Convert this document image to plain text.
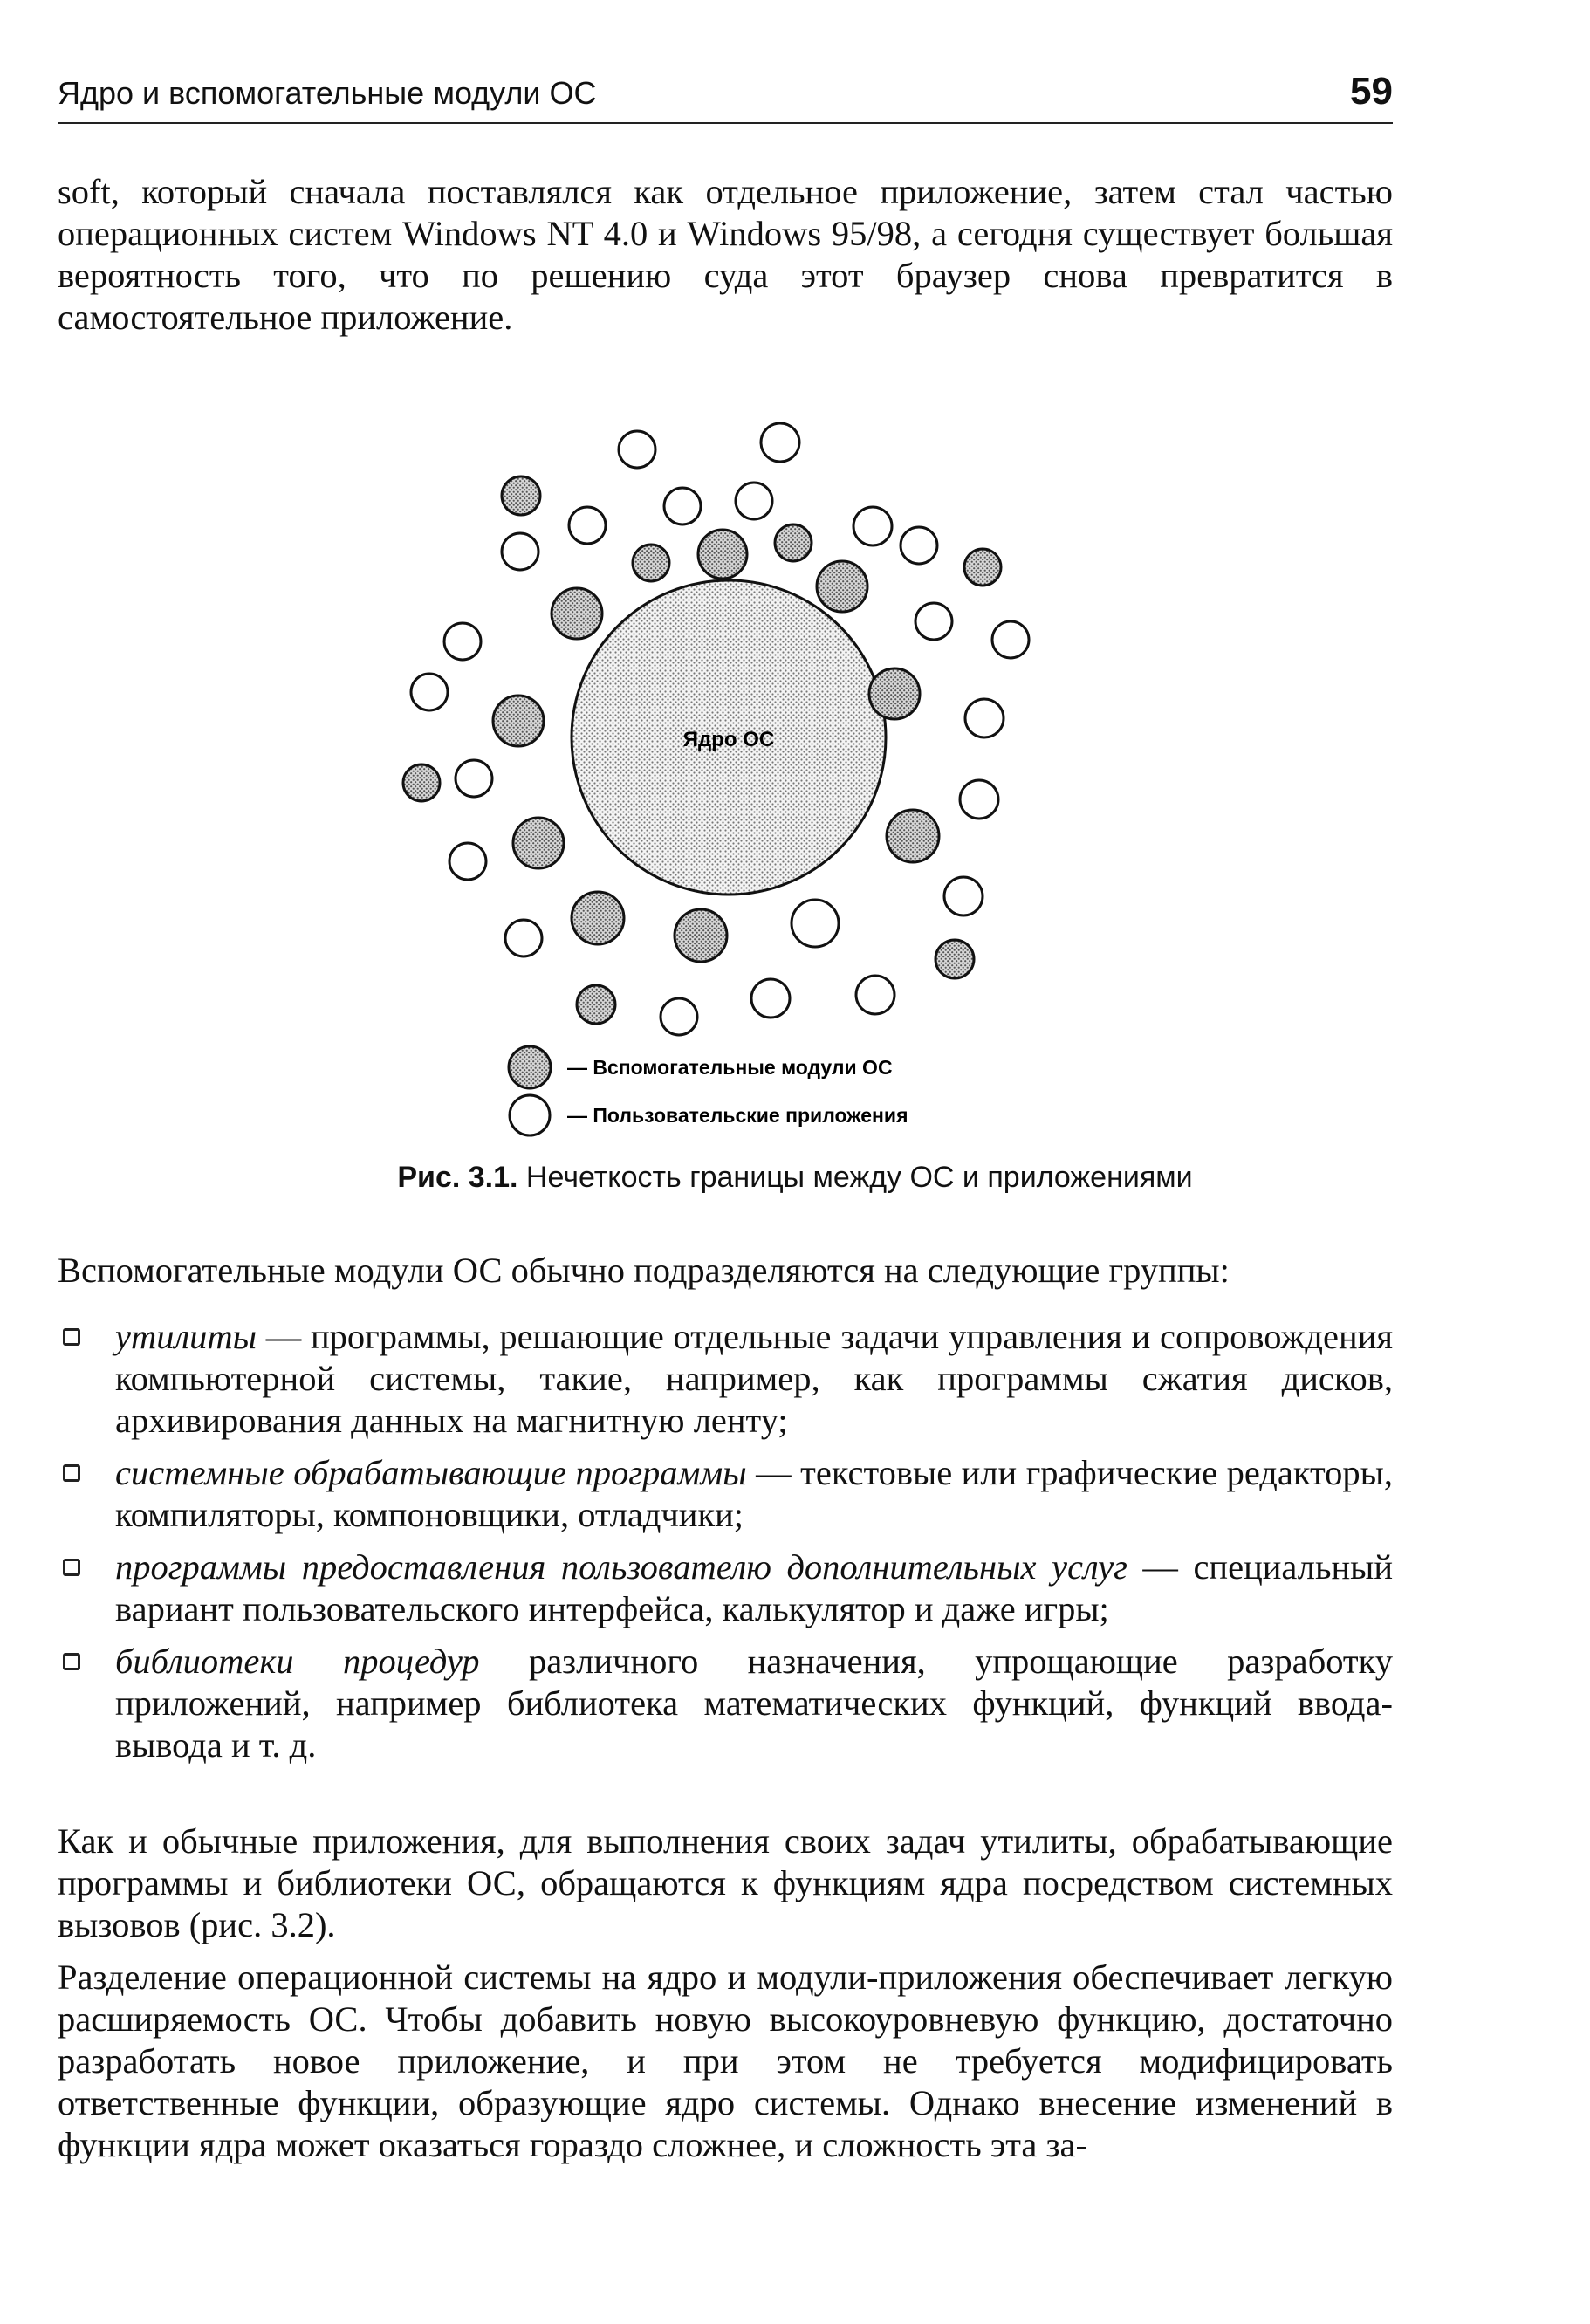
Ядро и вспомогательные модули ОС	59

soft, который сначала поставлялся как отдельное приложение, затем стал частью операционных систем Windows NT 4.0 и Windows 95/98, а сегодня существует большая вероятность того, что по решению суда этот браузер снова превратится в самостоятельное приложение.

Ядро ОС
— Вспомогательные модули ОС
— Пользовательские приложения
Рис. 3.1. Нечеткость границы между ОС и приложениями

Вспомогательные модули ОС обычно подразделяются на следующие группы:

утилиты — программы, решающие отдельные задачи управления и сопровождения компьютерной системы, такие, например, как программы сжатия дисков, архивирования данных на магнитную ленту;
системные обрабатывающие программы — текстовые или графические редакторы, компиляторы, компоновщики, отладчики;
программы предоставления пользователю дополнительных услуг — специальный вариант пользовательского интерфейса, калькулятор и даже игры;
библиотеки процедур различного назначения, упрощающие разработку приложений, например библиотека математических функций, функций ввода-вывода и т. д.

Как и обычные приложения, для выполнения своих задач утилиты, обрабатывающие программы и библиотеки ОС, обращаются к функциям ядра посредством системных вызовов (рис. 3.2).

Разделение операционной системы на ядро и модули-приложения обеспечивает легкую расширяемость ОС. Чтобы добавить новую высокоуровневую функцию, достаточно разработать новое приложение, и при этом не требуется модифицировать ответственные функции, образующие ядро системы. Однако внесение изменений в функции ядра может оказаться гораздо сложнее, и сложность эта за-
